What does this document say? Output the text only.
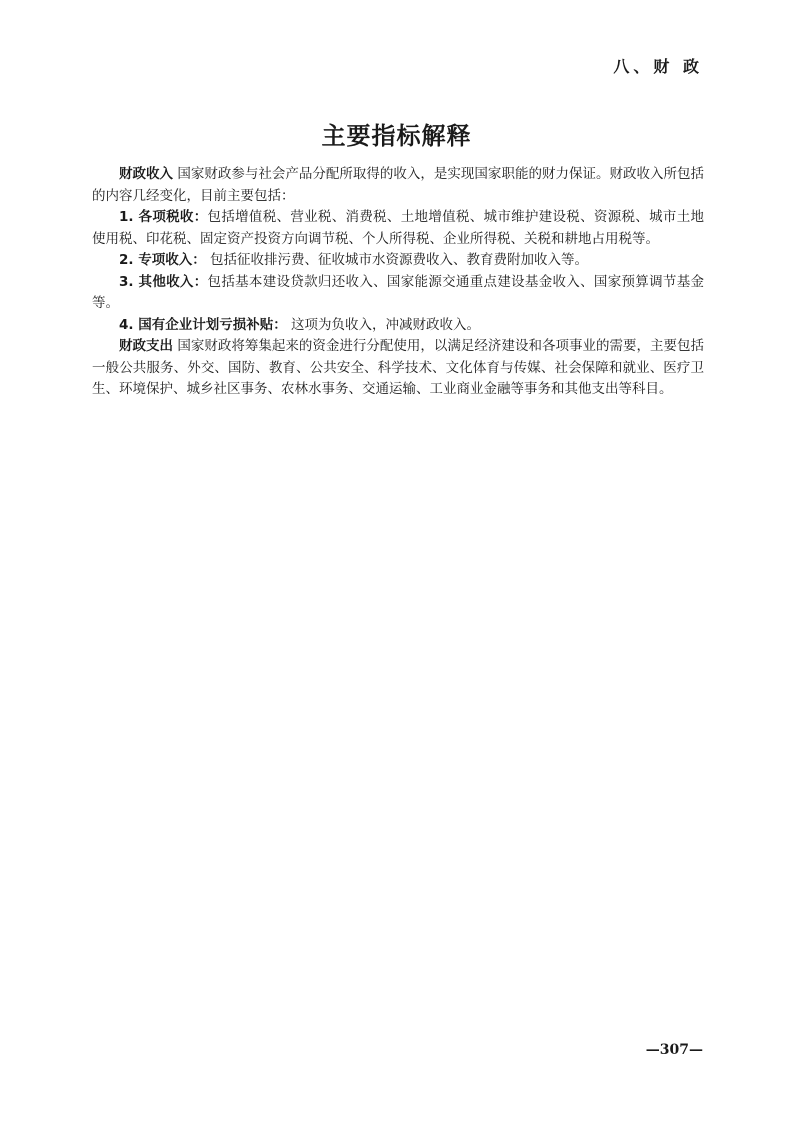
八、财 政
主要指标解释

财政收入 国家财政参与社会产品分配所取得的收入，是实现国家职能的财力保证。财政收入所包括的内容几经变化，目前主要包括：

1. 各项税收：包括增值税、营业税、消费税、土地增值税、城市维护建设税、资源税、城市土地使用税、印花税、固定资产投资方向调节税、个人所得税、企业所得税、关税和耕地占用税等。

2. 专项收入： 包括征收排污费、征收城市水资源费收入、教育费附加收入等。

3. 其他收入：包括基本建设贷款归还收入、国家能源交通重点建设基金收入、国家预算调节基金等。

4. 国有企业计划亏损补贴： 这项为负收入，冲减财政收入。

财政支出 国家财政将筹集起来的资金进行分配使用，以满足经济建设和各项事业的需要，主要包括一般公共服务、外交、国防、教育、公共安全、科学技术、文化体育与传媒、社会保障和就业、医疗卫生、环境保护、城乡社区事务、农林水事务、交通运输、工业商业金融等事务和其他支出等科目。

—307—
